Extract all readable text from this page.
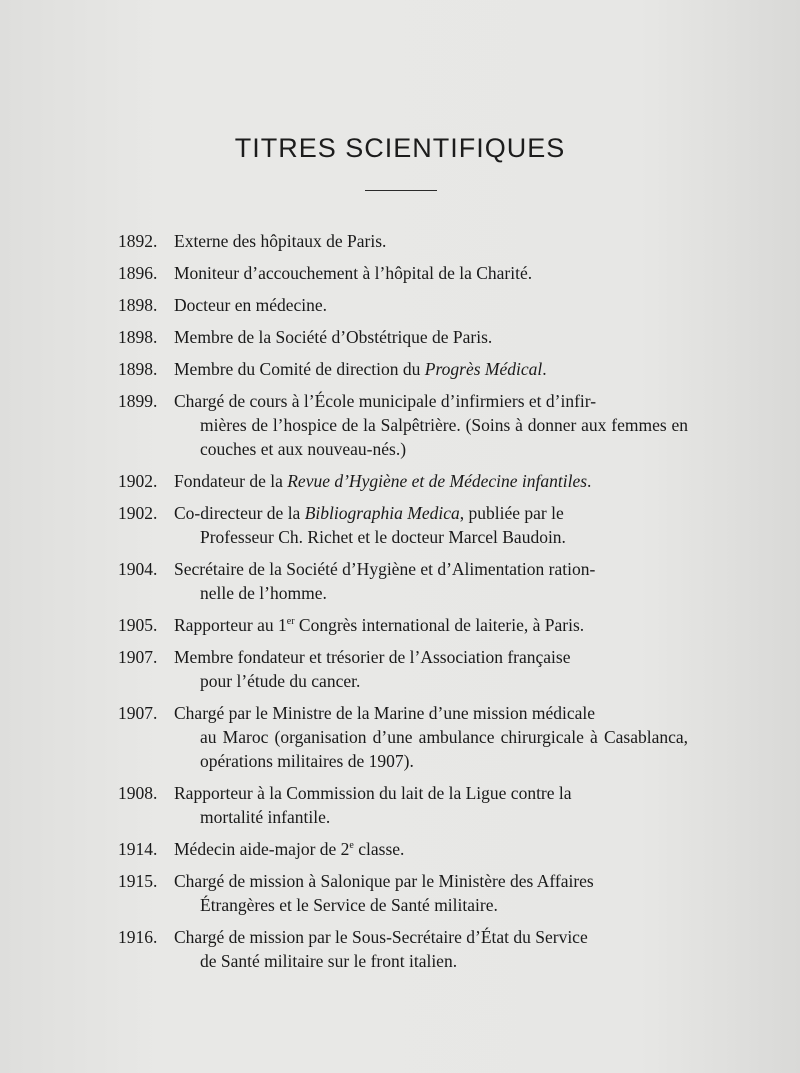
TITRES SCIENTIFIQUES
1892. Externe des hôpitaux de Paris.
1896. Moniteur d’accouchement à l’hôpital de la Charité.
1898. Docteur en médecine.
1898. Membre de la Société d’Obstétrique de Paris.
1898. Membre du Comité de direction du Progrès Médical.
1899. Chargé de cours à l’École municipale d’infirmiers et d’infir-
mières de l’hospice de la Salpêtrière. (Soins à donner aux femmes en couches et aux nouveau-nés.)
1902. Fondateur de la Revue d’Hygiène et de Médecine infantiles.
1902. Co-directeur de la Bibliographia Medica, publiée par le
Professeur Ch. Richet et le docteur Marcel Baudoin.
1904. Secrétaire de la Société d’Hygiène et d’Alimentation ration-
nelle de l’homme.
1905. Rapporteur au 1er Congrès international de laiterie, à Paris.
1907. Membre fondateur et trésorier de l’Association française
pour l’étude du cancer.
1907. Chargé par le Ministre de la Marine d’une mission médicale
au Maroc (organisation d’une ambulance chirurgicale à Casablanca, opérations militaires de 1907).
1908. Rapporteur à la Commission du lait de la Ligue contre la
mortalité infantile.
1914. Médecin aide-major de 2e classe.
1915. Chargé de mission à Salonique par le Ministère des Affaires
Étrangères et le Service de Santé militaire.
1916. Chargé de mission par le Sous-Secrétaire d’État du Service
de Santé militaire sur le front italien.
